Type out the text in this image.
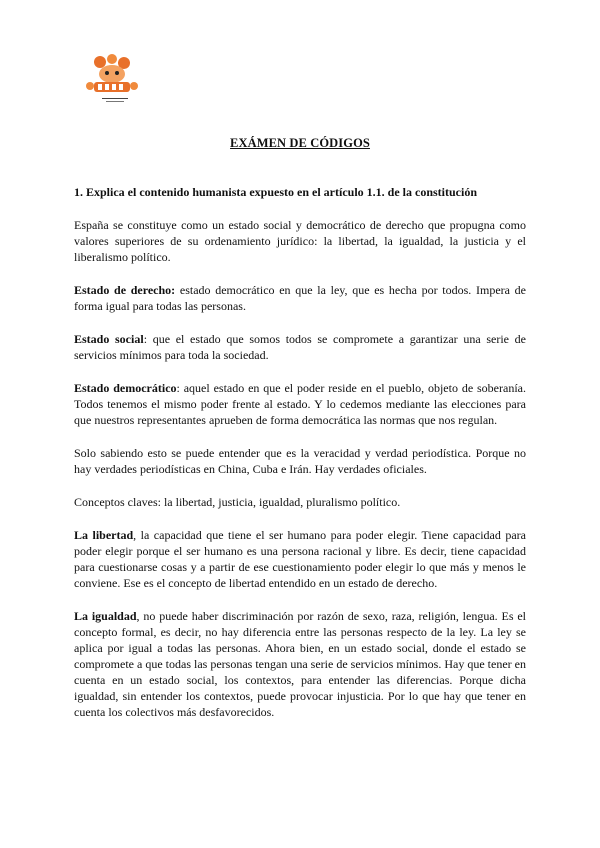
EXÁMEN DE CÓDIGOS
1. Explica el contenido humanista expuesto en el artículo 1.1. de la constitución

España se constituye como un estado social y democrático de derecho que propugna como valores superiores de su ordenamiento jurídico: la libertad, la igualdad, la justicia y el liberalismo político.

Estado de derecho: estado democrático en que la ley, que es hecha por todos. Impera de forma igual para todas las personas.

Estado social: que el estado que somos todos se compromete a garantizar una serie de servicios mínimos para toda la sociedad.

Estado democrático: aquel estado en que el poder reside en el pueblo, objeto de soberanía. Todos tenemos el mismo poder frente al estado. Y lo cedemos mediante las elecciones para que nuestros representantes aprueben de forma democrática las normas que nos regulan.

Solo sabiendo esto se puede entender que es la veracidad y verdad periodística. Porque no hay verdades periodísticas en China, Cuba e Irán. Hay verdades oficiales.

Conceptos claves: la libertad, justicia, igualdad, pluralismo político.

La libertad, la capacidad que tiene el ser humano para poder elegir. Tiene capacidad para poder elegir porque el ser humano es una persona racional y libre. Es decir, tiene capacidad para cuestionarse cosas y a partir de ese cuestionamiento poder elegir lo que más y menos le conviene. Ese es el concepto de libertad entendido en un estado de derecho.

La igualdad, no puede haber discriminación por razón de sexo, raza, religión, lengua. Es el concepto formal, es decir, no hay diferencia entre las personas respecto de la ley. La ley se aplica por igual a todas las personas. Ahora bien, en un estado social, donde el estado se compromete a que todas las personas tengan una serie de servicios mínimos. Hay que tener en cuenta en un estado social, los contextos, para entender las diferencias. Porque dicha igualdad, sin entender los contextos, puede provocar injusticia. Por lo que hay que tener en cuenta los colectivos más desfavorecidos.
